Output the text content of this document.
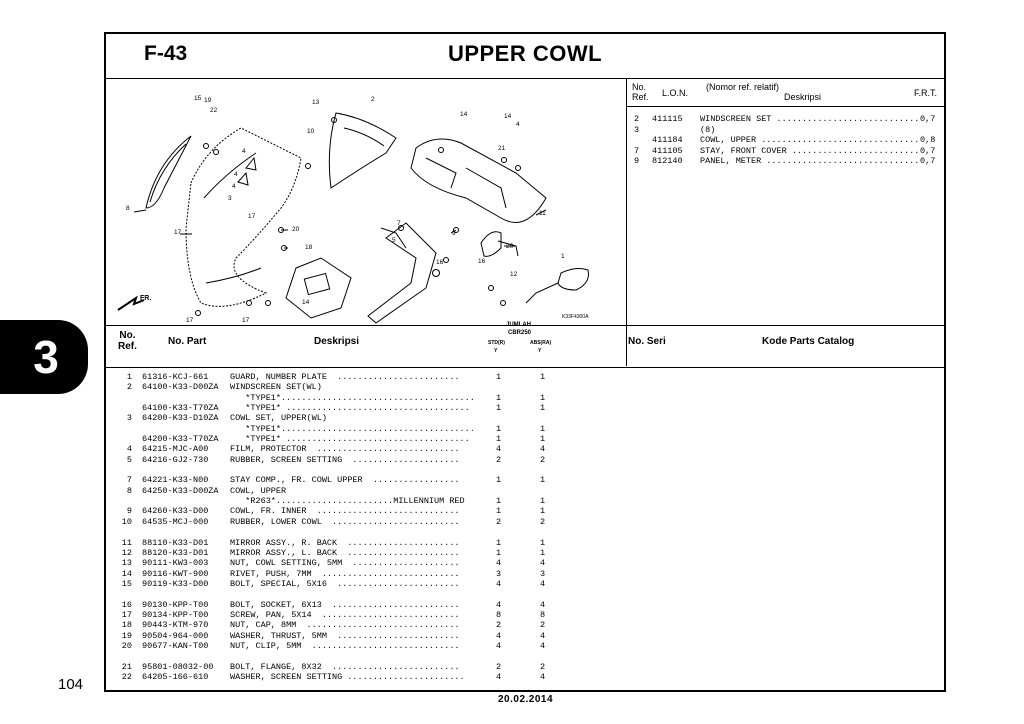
3
104
20.02.2014
F-43	UPPER COWL
FR.
K33F4300A
15 19
22
13	2
10
17
14	14
4
4
4
4
3
8
17
21
7
5
9
11
20
20
18
16	16
12
1
14
17	17
No.
Ref. L.O.N.
(Nomor ref. relatif)
Deskripsi	F.R.T.
2 411115 WINDSCREEN SET ............................ 0,7
3	(8)
411184 COWL, UPPER ............................... 0,8
7 411105 STAY, FRONT COVER ......................... 0,7
9 812140 PANEL, METER .............................. 0,7
No.
Ref.	No. Part	Deskripsi
JUMLAH
CBR250
STD(R)	ABS(RA)
Y	Y
No. Seri	Kode Parts Catalog
1 61316-KCJ-661	GUARD, NUMBER PLATE  ........................	1	1
2 64100-K33-D00ZA WINDSCREEN SET(WL)
*TYPE1*...................................... 1	1
64100-K33-T70ZA *TYPE1* ....................................	1	1
3 64200-K33-D10ZA COWL SET, UPPER(WL)
*TYPE1*...................................... 1	1
64200-K33-T70ZA *TYPE1* ....................................	1	1
4 64215-MJC-A00	FILM, PROTECTOR  ............................	4	4
5 64216-GJ2-730	RUBBER, SCREEN SETTING  .....................	2	2
7 64221-K33-N00	STAY COMP., FR. COWL UPPER  .................	1	1
8 64250-K33-D00ZA COWL, UPPER
*R263*.......................MILLENNIUM RED	1	1
9 64260-K33-D00	COWL, FR. INNER  ............................	1	1
10 64535-MCJ-000	RUBBER, LOWER COWL  .........................	2	2
11 88110-K33-D01	MIRROR ASSY., R. BACK  ......................	1	1
12 88120-K33-D01	MIRROR ASSY., L. BACK  ......................	1	1
13 90111-KW3-003	NUT, COWL SETTING, 5MM  .....................	4	4
14 90116-KWT-900	RIVET, PUSH, 7MM  ...........................	3	3
15 90119-K33-D00	BOLT, SPECIAL, 5X16  ........................	4	4
16 90130-KPP-T00	BOLT, SOCKET, 6X13  .........................	4	4
17 90134-KPP-T00	SCREW, PAN, 5X14  ...........................	8	8
18 90443-KTM-970	NUT, CAP, 8MM  ..............................	2	2
19 90504-964-000	WASHER, THRUST, 5MM  ........................	4	4
20 90677-KAN-T00	NUT, CLIP, 5MM  .............................	4	4
21 95801-08032-00 BOLT, FLANGE, 8X32  .........................	2	2
22 64205-166-610	WASHER, SCREEN SETTING .......................	4	4
